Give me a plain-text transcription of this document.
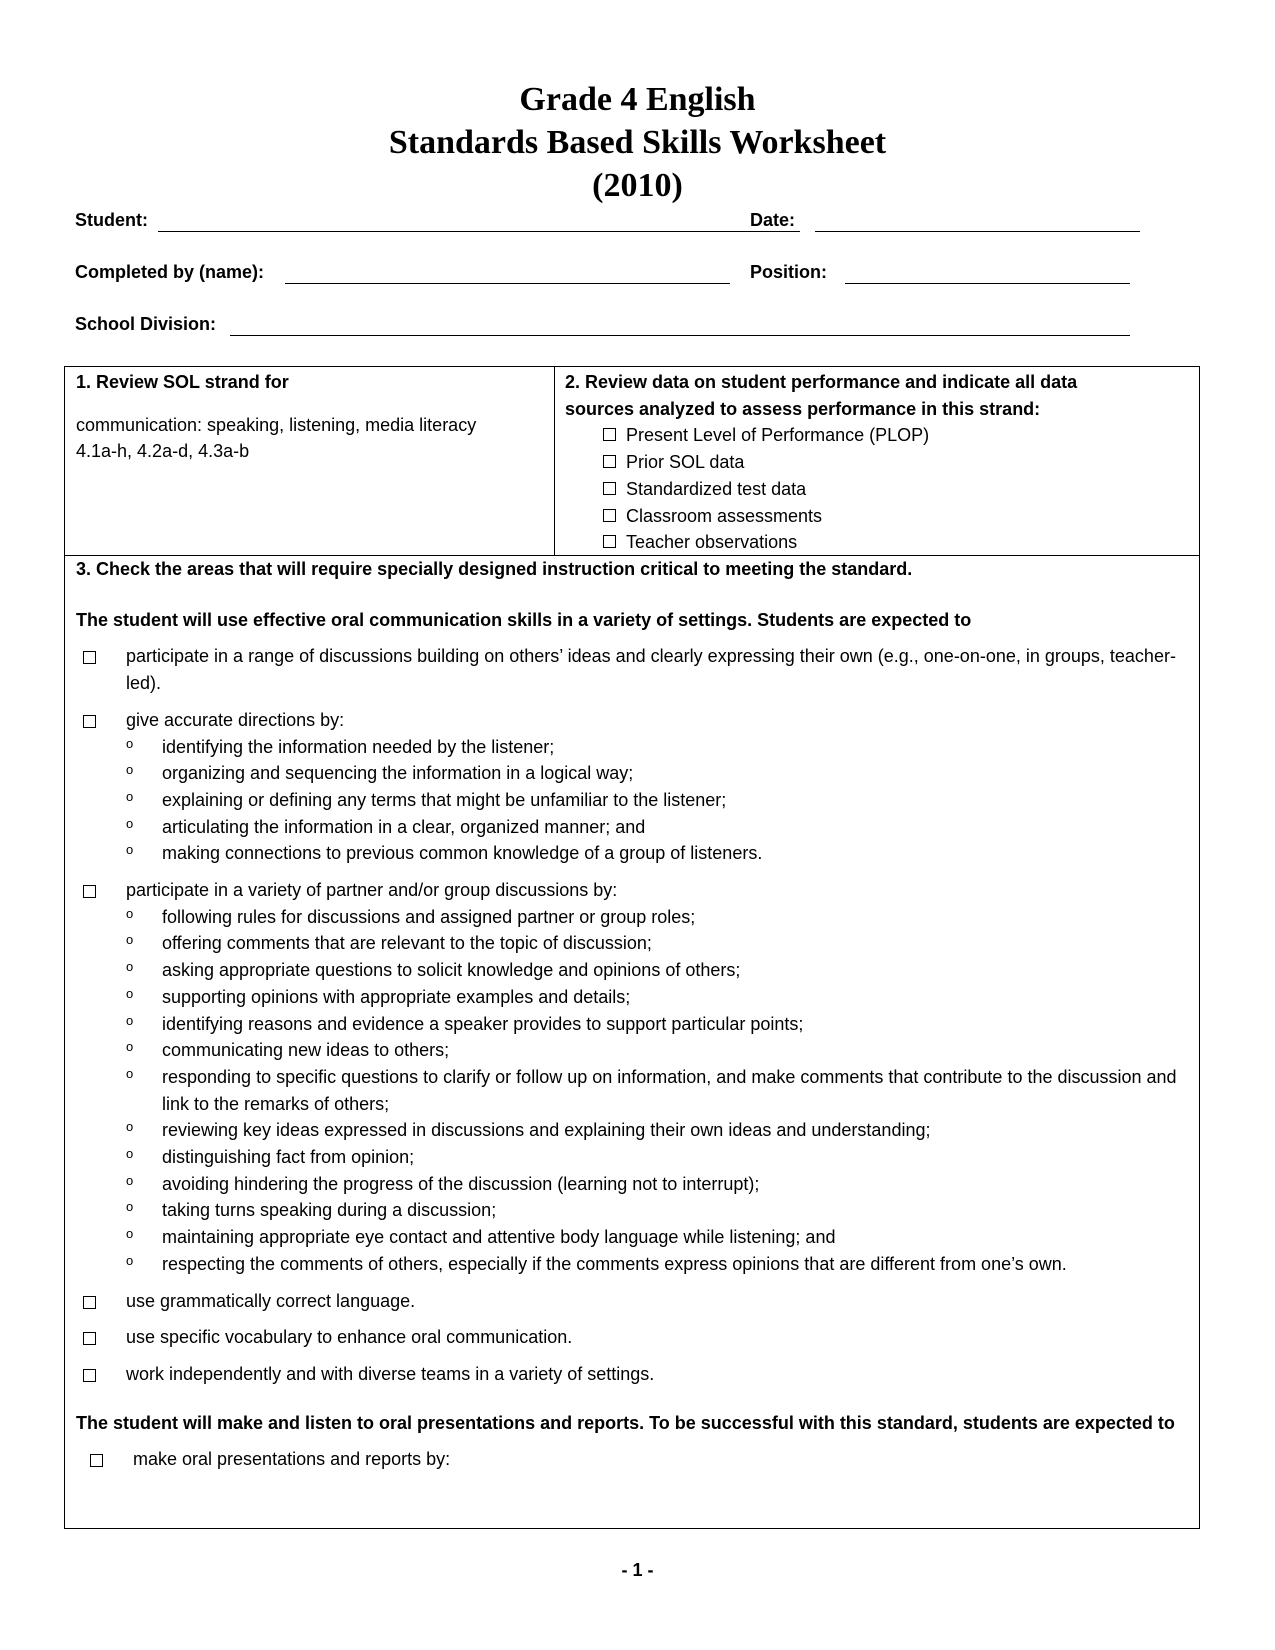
Grade 4 English
Standards Based Skills Worksheet
(2010)
Student:	Date:
Completed by (name):	Position:
School Division:
1. Review SOL strand for
communication: speaking, listening, media literacy
4.1a-h, 4.2a-d, 4.3a-b
2. Review data on student performance and indicate all data
sources analyzed to assess performance in this strand:
Present Level of Performance (PLOP)
Prior SOL data
Standardized test data
Classroom assessments
Teacher observations
3. Check the areas that will require specially designed instruction critical to meeting the standard.
The student will use effective oral communication skills in a variety of settings. Students are expected to
participate in a range of discussions building on others’ ideas and clearly expressing their own (e.g., one-on-one, in groups, teacher-led).
give accurate directions by:
o identifying the information needed by the listener;
o organizing and sequencing the information in a logical way;
o explaining or defining any terms that might be unfamiliar to the listener;
o articulating the information in a clear, organized manner; and
o making connections to previous common knowledge of a group of listeners.
participate in a variety of partner and/or group discussions by:
o following rules for discussions and assigned partner or group roles;
o offering comments that are relevant to the topic of discussion;
o asking appropriate questions to solicit knowledge and opinions of others;
o supporting opinions with appropriate examples and details;
o identifying reasons and evidence a speaker provides to support particular points;
o communicating new ideas to others;
o responding to specific questions to clarify or follow up on information, and make comments that contribute to the discussion and link to the remarks of others;
o reviewing key ideas expressed in discussions and explaining their own ideas and understanding;
o distinguishing fact from opinion;
o avoiding hindering the progress of the discussion (learning not to interrupt);
o taking turns speaking during a discussion;
o maintaining appropriate eye contact and attentive body language while listening; and
o respecting the comments of others, especially if the comments express opinions that are different from one’s own.
use grammatically correct language.
use specific vocabulary to enhance oral communication.
work independently and with diverse teams in a variety of settings.
The student will make and listen to oral presentations and reports. To be successful with this standard, students are expected to
make oral presentations and reports by:
- 1 -
